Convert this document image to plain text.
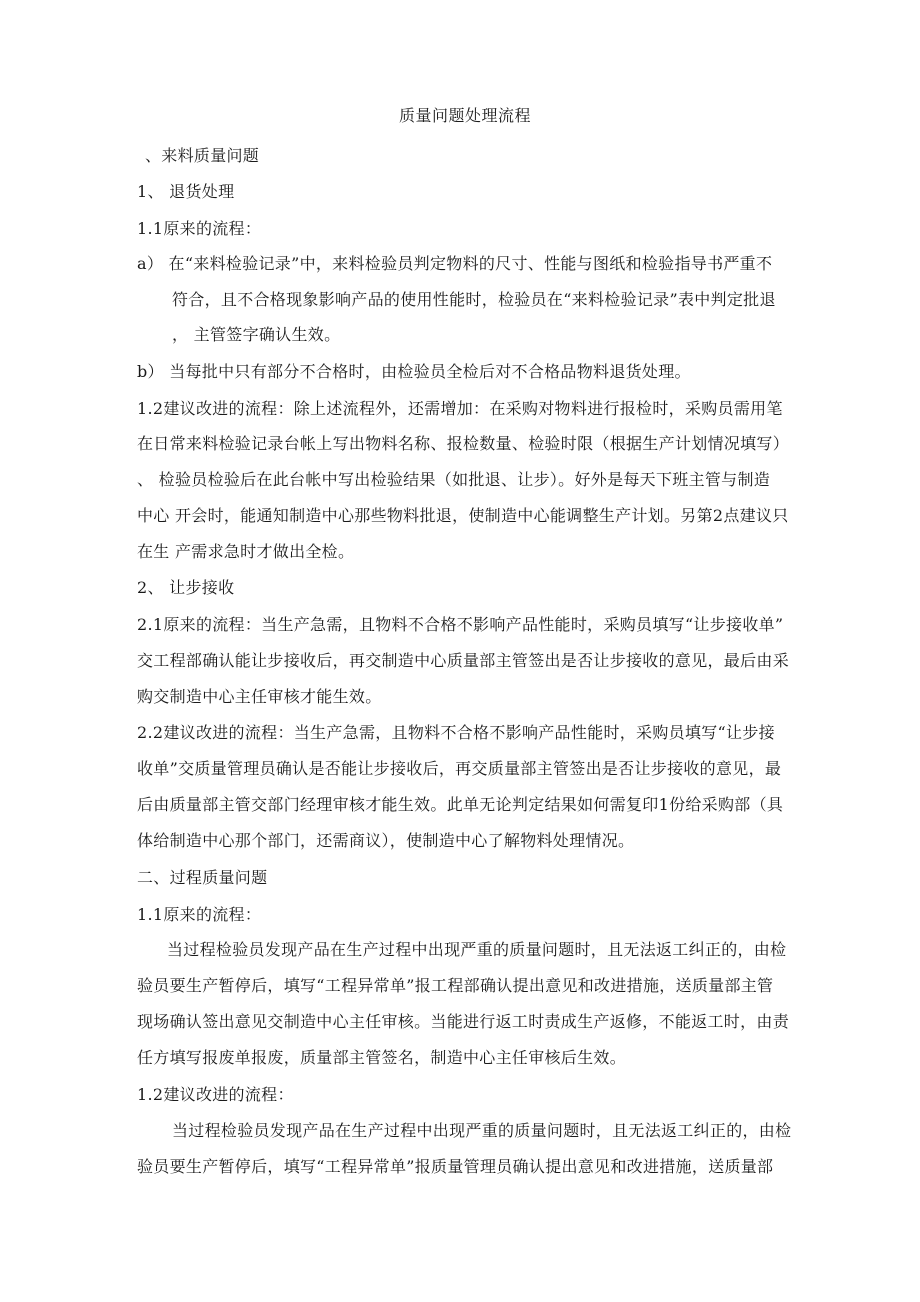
质量问题处理流程
、来料质量问题
1、 退货处理
1.1原来的流程：
a） 在“来料检验记录”中，来料检验员判定物料的尺寸、性能与图纸和检验指导书严重不
符合，且不合格现象影响产品的使用性能时，检验员在“来料检验记录”表中判定批退
， 主管签字确认生效。
b） 当每批中只有部分不合格时，由检验员全检后对不合格品物料退货处理。
1.2建议改进的流程：除上述流程外，还需增加：在采购对物料进行报检时，采购员需用笔
在日常来料检验记录台帐上写出物料名称、报检数量、检验时限（根据生产计划情况填写）
、 检验员检验后在此台帐中写出检验结果（如批退、让步）。好外是每天下班主管与制造
中心 开会时，能通知制造中心那些物料批退，使制造中心能调整生产计划。另第2点建议只
在生 产需求急时才做出全检。
2、 让步接收
2.1原来的流程：当生产急需，且物料不合格不影响产品性能时，采购员填写“让步接收单”
交工程部确认能让步接收后，再交制造中心质量部主管签出是否让步接收的意见，最后由采
购交制造中心主任审核才能生效。
2.2建议改进的流程：当生产急需，且物料不合格不影响产品性能时，采购员填写“让步接
收单”交质量管理员确认是否能让步接收后，再交质量部主管签出是否让步接收的意见，最
后由质量部主管交部门经理审核才能生效。此单无论判定结果如何需复印1份给采购部（具
体给制造中心那个部门，还需商议），使制造中心了解物料处理情况。
二、过程质量问题
1.1原来的流程：
当过程检验员发现产品在生产过程中出现严重的质量问题时，且无法返工纠正的，由检
验员要生产暂停后，填写“工程异常单”报工程部确认提出意见和改进措施，送质量部主管
现场确认签出意见交制造中心主任审核。当能进行返工时责成生产返修，不能返工时，由责
任方填写报废单报废，质量部主管签名，制造中心主任审核后生效。
1.2建议改进的流程：
当过程检验员发现产品在生产过程中出现严重的质量问题时，且无法返工纠正的，由检
验员要生产暂停后，填写“工程异常单”报质量管理员确认提出意见和改进措施，送质量部
